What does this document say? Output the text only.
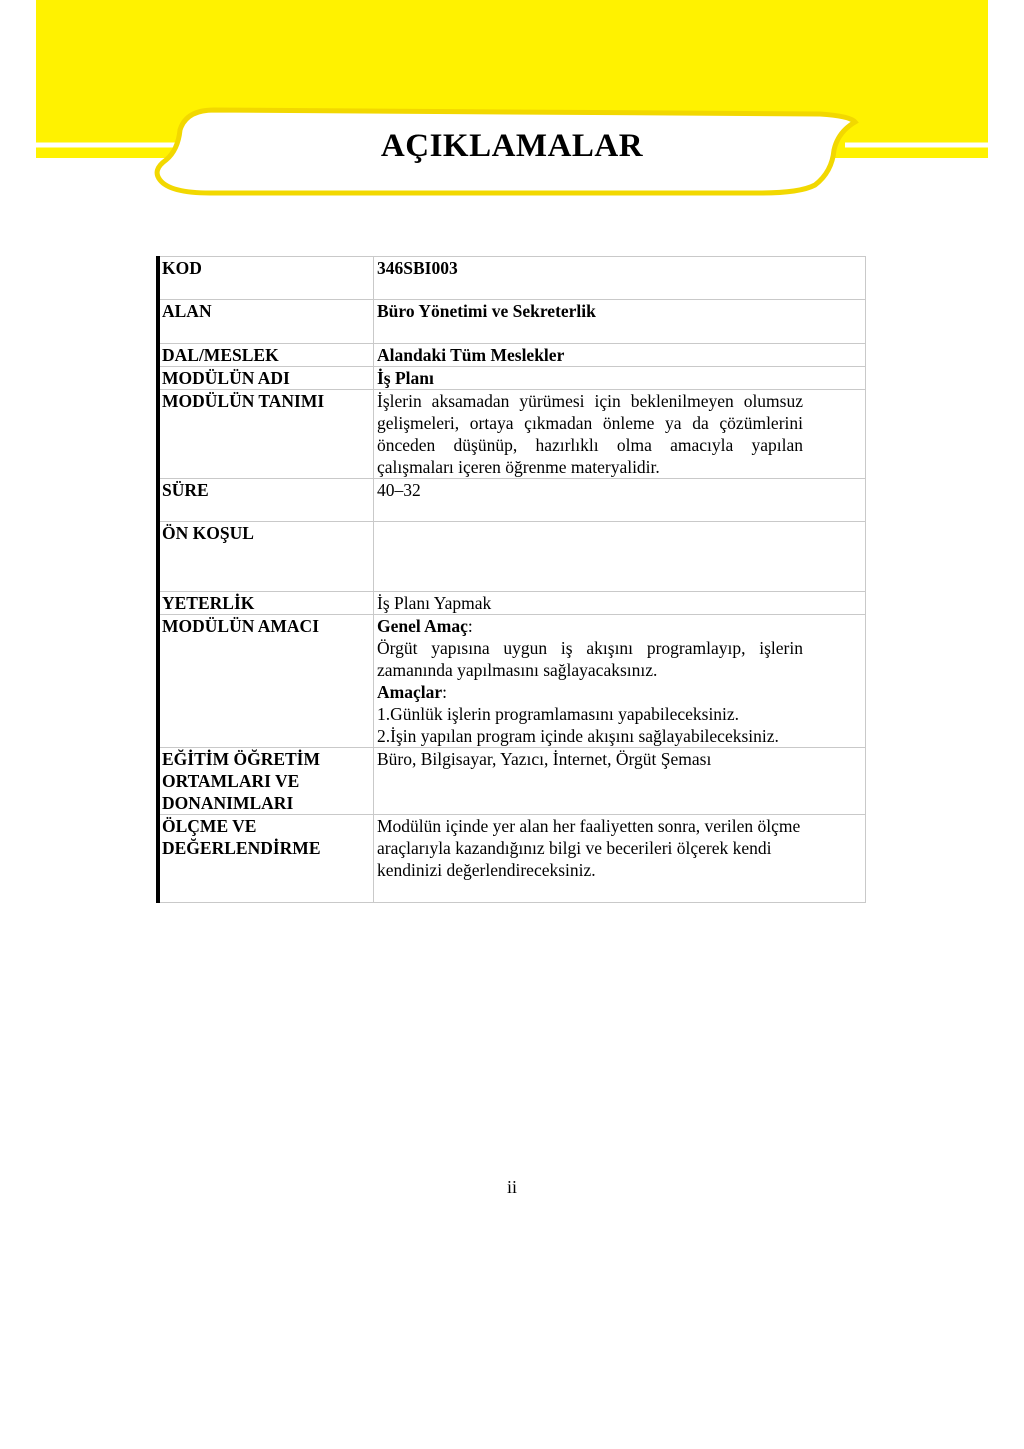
AÇIKLAMALAR
KOD	346SBI003
ALAN	Büro Yönetimi ve Sekreterlik
DAL/MESLEK	Alandaki Tüm Meslekler
MODÜLÜN ADI	İş Planı
MODÜLÜN TANIMI	İşlerin aksamadan yürümesi için beklenilmeyen olumsuz gelişmeleri, ortaya çıkmadan önleme ya da çözümlerini önceden düşünüp, hazırlıklı olma amacıyla yapılan çalışmaları içeren öğrenme materyalidir.
SÜRE	40–32
ÖN KOŞUL	
YETERLİK	İş Planı Yapmak
MODÜLÜN AMACI	Genel Amaç:
Örgüt yapısına uygun iş akışını programlayıp, işlerin zamanında yapılmasını sağlayacaksınız.
Amaçlar:
1.Günlük işlerin programlamasını yapabileceksiniz.
2.İşin yapılan program içinde akışını sağlayabileceksiniz.

EĞİTİM ÖĞRETİM
ORTAMLARI VE
DONANIMLARI	Büro, Bilgisayar, Yazıcı, İnternet, Örgüt Şeması

ÖLÇME VE
DEĞERLENDİRME	Modülün içinde yer alan her faaliyetten sonra, verilen ölçme araçlarıyla kazandığınız bilgi ve becerileri ölçerek kendi kendinizi değerlendireceksiniz.
ii
